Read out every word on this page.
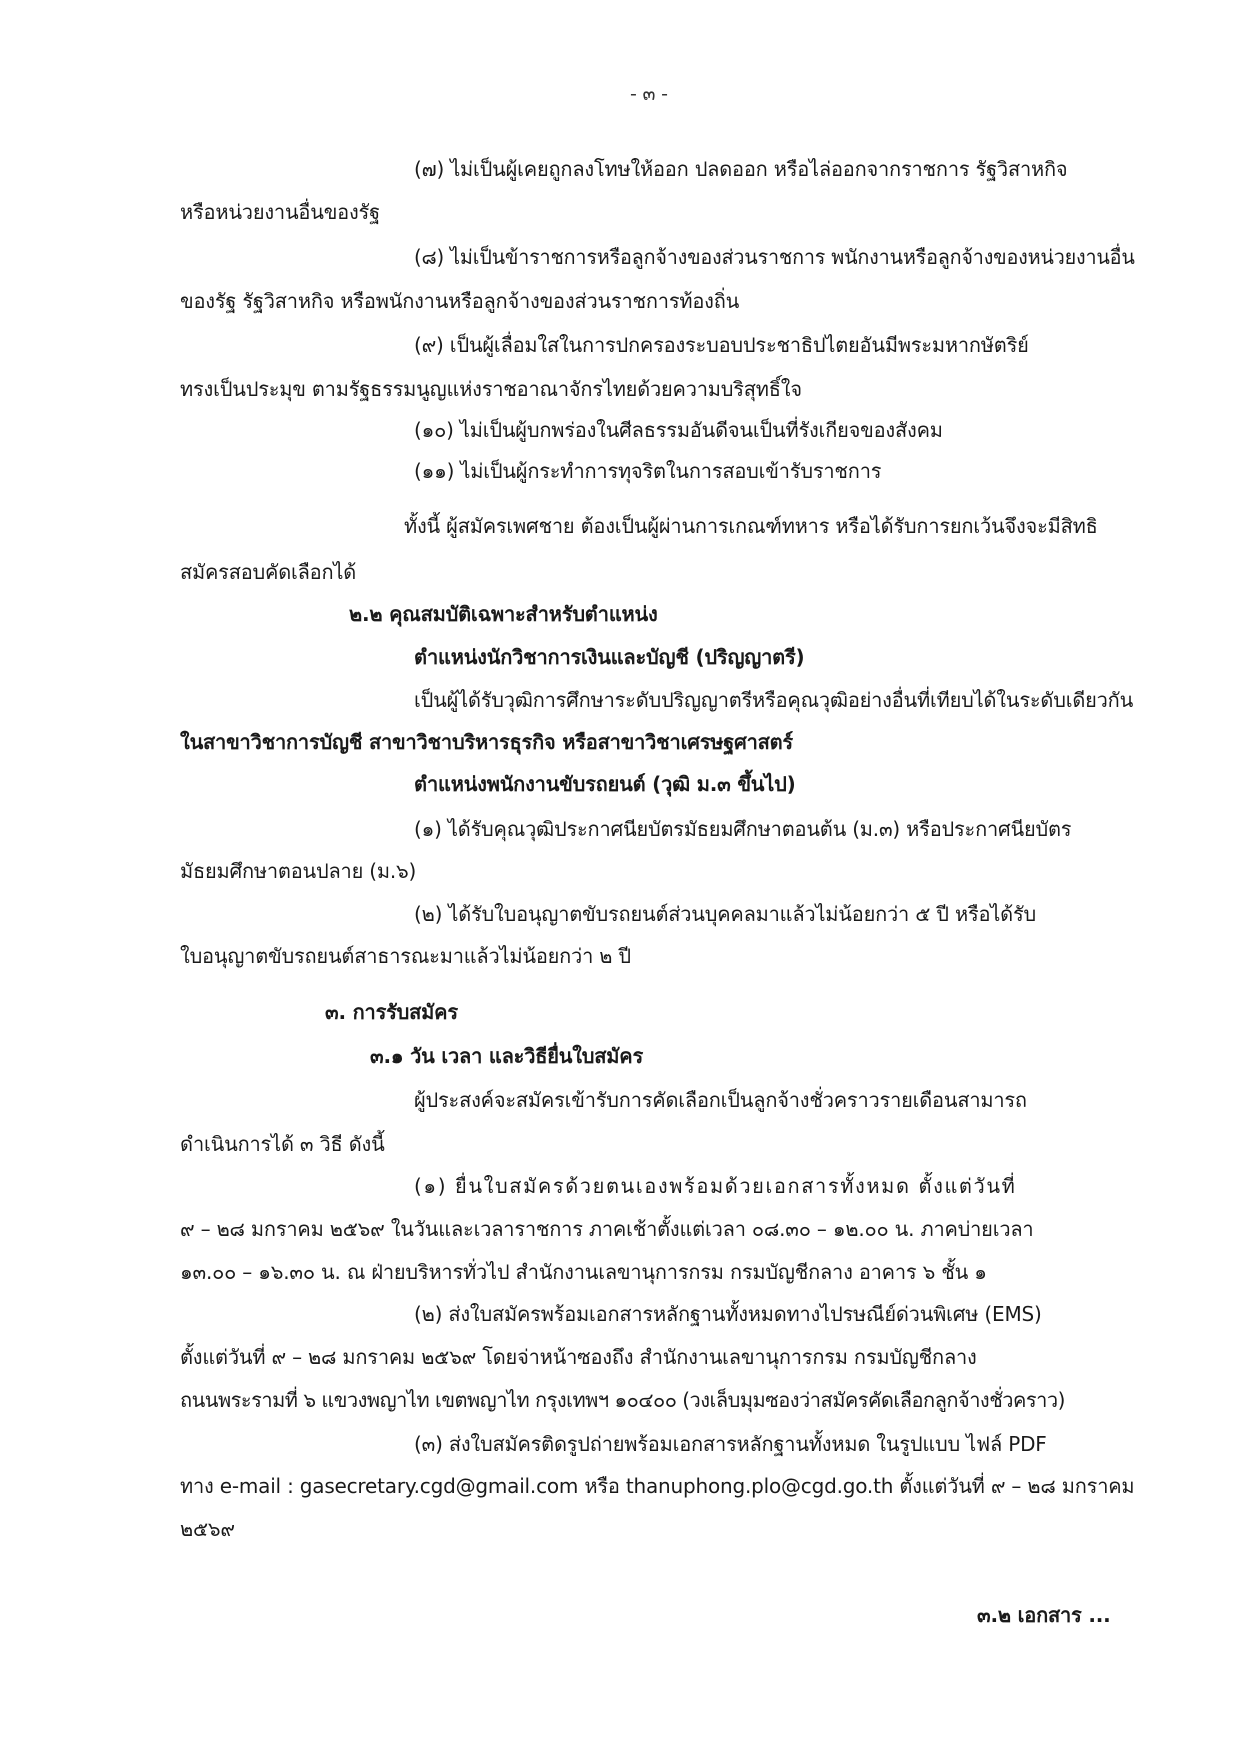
- ๓ -
(๗) ไม่เป็นผู้เคยถูกลงโทษให้ออก ปลดออก หรือไล่ออกจากราชการ รัฐวิสาหกิจ
หรือหน่วยงานอื่นของรัฐ
(๘) ไม่เป็นข้าราชการหรือลูกจ้างของส่วนราชการ พนักงานหรือลูกจ้างของหน่วยงานอื่น
ของรัฐ รัฐวิสาหกิจ หรือพนักงานหรือลูกจ้างของส่วนราชการท้องถิ่น
(๙) เป็นผู้เลื่อมใสในการปกครองระบอบประชาธิปไตยอันมีพระมหากษัตริย์
ทรงเป็นประมุข ตามรัฐธรรมนูญแห่งราชอาณาจักรไทยด้วยความบริสุทธิ์ใจ
(๑๐) ไม่เป็นผู้บกพร่องในศีลธรรมอันดีจนเป็นที่รังเกียจของสังคม
(๑๑) ไม่เป็นผู้กระทำการทุจริตในการสอบเข้ารับราชการ
ทั้งนี้ ผู้สมัครเพศชาย ต้องเป็นผู้ผ่านการเกณฑ์ทหาร หรือได้รับการยกเว้นจึงจะมีสิทธิ
สมัครสอบคัดเลือกได้
๒.๒ คุณสมบัติเฉพาะสำหรับตำแหน่ง
ตำแหน่งนักวิชาการเงินและบัญชี (ปริญญาตรี)
เป็นผู้ได้รับวุฒิการศึกษาระดับปริญญาตรีหรือคุณวุฒิอย่างอื่นที่เทียบได้ในระดับเดียวกัน
ในสาขาวิชาการบัญชี สาขาวิชาบริหารธุรกิจ หรือสาขาวิชาเศรษฐศาสตร์
ตำแหน่งพนักงานขับรถยนต์ (วุฒิ ม.๓ ขึ้นไป)
(๑) ได้รับคุณวุฒิประกาศนียบัตรมัธยมศึกษาตอนต้น (ม.๓) หรือประกาศนียบัตร
มัธยมศึกษาตอนปลาย (ม.๖)
(๒) ได้รับใบอนุญาตขับรถยนต์ส่วนบุคคลมาแล้วไม่น้อยกว่า ๕ ปี หรือได้รับ
ใบอนุญาตขับรถยนต์สาธารณะมาแล้วไม่น้อยกว่า ๒ ปี
๓. การรับสมัคร
๓.๑ วัน เวลา และวิธียื่นใบสมัคร
ผู้ประสงค์จะสมัครเข้ารับการคัดเลือกเป็นลูกจ้างชั่วคราวรายเดือนสามารถ
ดำเนินการได้ ๓ วิธี ดังนี้
(๑) ยื่นใบสมัครด้วยตนเองพร้อมด้วยเอกสารทั้งหมด ตั้งแต่วันที่
๙ – ๒๘ มกราคม ๒๕๖๙ ในวันและเวลาราชการ ภาคเช้าตั้งแต่เวลา ๐๘.๓๐ – ๑๒.๐๐ น. ภาคบ่ายเวลา
๑๓.๐๐ – ๑๖.๓๐ น. ณ ฝ่ายบริหารทั่วไป สำนักงานเลขานุการกรม กรมบัญชีกลาง อาคาร ๖ ชั้น ๑
(๒) ส่งใบสมัครพร้อมเอกสารหลักฐานทั้งหมดทางไปรษณีย์ด่วนพิเศษ (EMS)
ตั้งแต่วันที่ ๙ – ๒๘ มกราคม ๒๕๖๙ โดยจ่าหน้าซองถึง สำนักงานเลขานุการกรม กรมบัญชีกลาง
ถนนพระรามที่ ๖ แขวงพญาไท เขตพญาไท กรุงเทพฯ ๑๐๔๐๐ (วงเล็บมุมซองว่าสมัครคัดเลือกลูกจ้างชั่วคราว)
(๓) ส่งใบสมัครติดรูปถ่ายพร้อมเอกสารหลักฐานทั้งหมด ในรูปแบบ ไฟล์ PDF
ทาง e-mail : gasecretary.cgd@gmail.com หรือ thanuphong.plo@cgd.go.th ตั้งแต่วันที่ ๙ – ๒๘ มกราคม
๒๕๖๙
๓.๒ เอกสาร ...
